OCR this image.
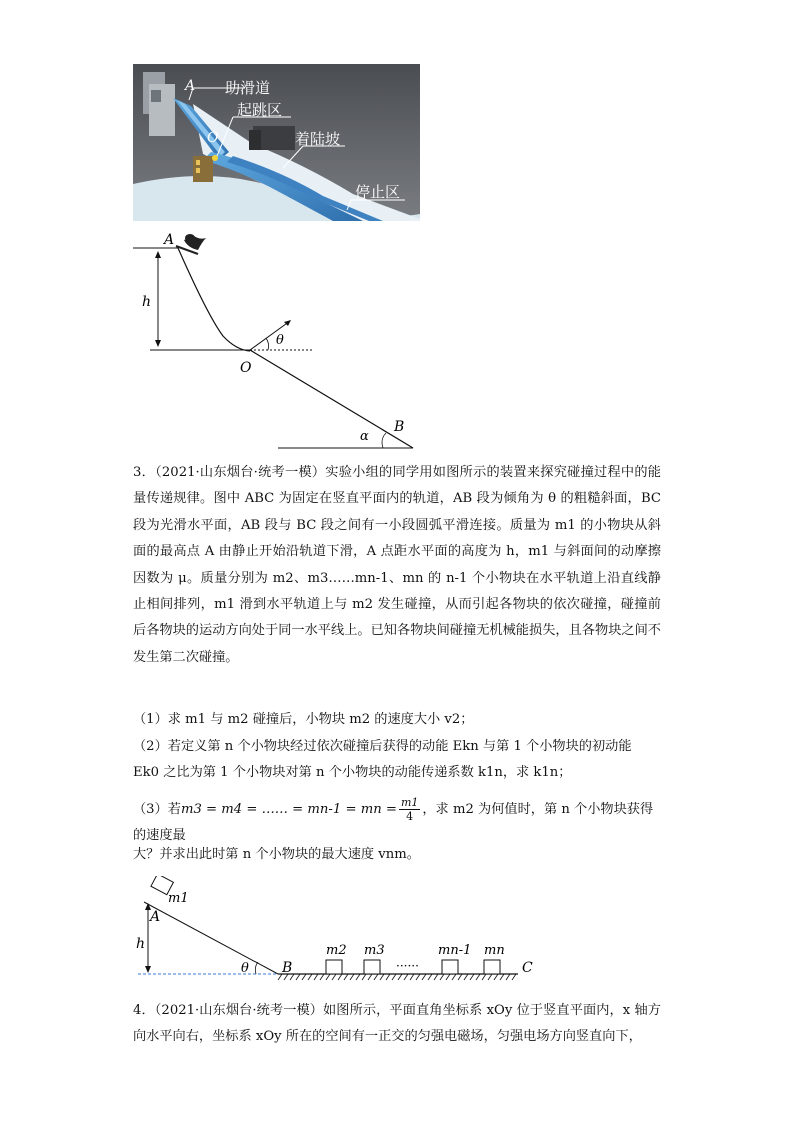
A
O
助滑道
起跳区
着陆坡
停止区
A
h
O
θ
B
α
3．（2021·山东烟台·统考一模）实验小组的同学用如图所示的装置来探究碰撞过程中的能量传递规律。图中 ABC 为固定在竖直平面内的轨道，AB 段为倾角为 θ 的粗糙斜面，BC 段为光滑水平面，AB 段与 BC 段之间有一小段圆弧平滑连接。质量为 m1 的小物块从斜面的最高点 A 由静止开始沿轨道下滑，A 点距水平面的高度为 h，m1 与斜面间的动摩擦因数为 μ。质量分别为 m2、m3……mn-1、mn 的 n-1 个小物块在水平轨道上沿直线静止相间排列，m1 滑到水平轨道上与 m2 发生碰撞，从而引起各物块的依次碰撞，碰撞前后各物块的运动方向处于同一水平线上。已知各物块间碰撞无机械能损失，且各物块之间不发生第二次碰撞。
（1）求 m1 与 m2 碰撞后，小物块 m2 的速度大小 v2；
（2）若定义第 n 个小物块经过依次碰撞后获得的动能 Ekn 与第 1 个小物块的初动能 Ek0 之比为第 1 个小物块对第 n 个小物块的动能传递系数 k1n，求 k1n；
（3）若m3 = m4 = …… = mn-1 = mn = $\frac{m1}{4}$ ，求 m2 为何值时，第 n 个小物块获得的速度最
大？并求出此时第 n 个小物块的最大速度 vnm。
m1
A
h
θ B
m2 m3
······
mn-1 mn
C
4．（2021·山东烟台·统考一模）如图所示，平面直角坐标系 xOy 位于竖直平面内，x 轴方向水平向右，坐标系 xOy 所在的空间有一正交的匀强电磁场，匀强电场方向竖直向下，
